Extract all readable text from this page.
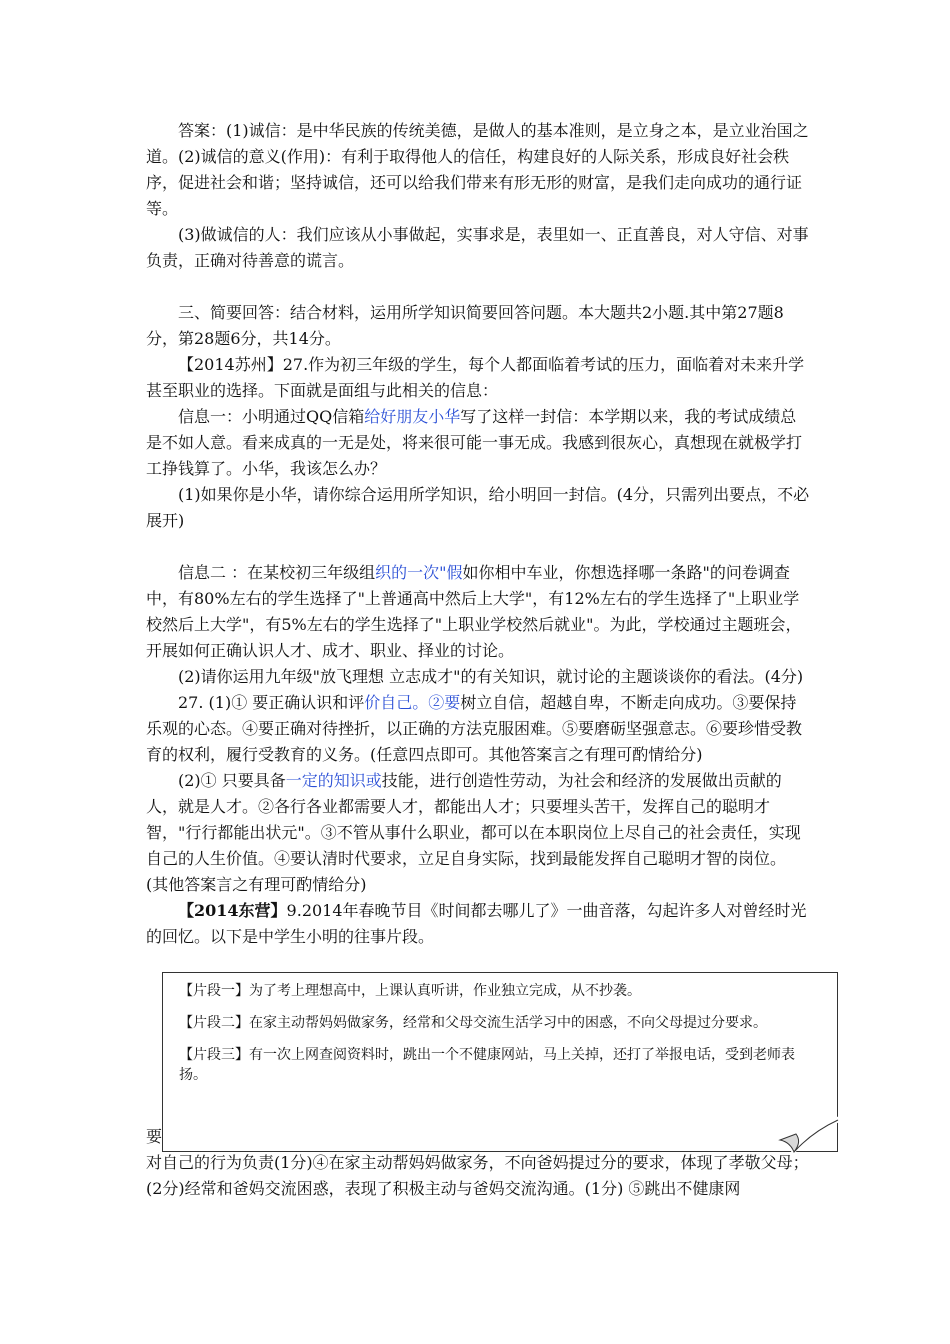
答案：(1)诚信：是中华民族的传统美德，是做人的基本准则，是立身之本，是立业治国之道。(2)诚信的意义(作用)：有利于取得他人的信任，构建良好的人际关系，形成良好社会秩序，促进社会和谐；坚持诚信，还可以给我们带来有形无形的财富，是我们走向成功的通行证等。

(3)做诚信的人：我们应该从小事做起，实事求是，表里如一、正直善良，对人守信、对事负责，正确对待善意的谎言。

三、简要回答：结合材料，运用所学知识简要回答问题。本大题共2小题.其中第27题8分，第28题6分，共14分。

【2014苏州】27.作为初三年级的学生，每个人都面临着考试的压力，面临着对未来升学甚至职业的选择。下面就是面组与此相关的信息：

信息一：小明通过QQ信箱给好朋友小华写了这样一封信：本学期以来，我的考试成绩总是不如人意。看来成真的一无是处，将来很可能一事无成。我感到很灰心，真想现在就极学打工挣钱算了。小华，我该怎么办？

(1)如果你是小华，请你综合运用所学知识，给小明回一封信。(4分，只需列出要点，不必展开)

信息二 ：在某校初三年级组织的一次"假如你相中车业，你想选择哪一条路"的问卷调查中，有80%左右的学生选择了"上普通高中然后上大学"，有12%左右的学生选择了"上职业学校然后上大学"，有5%左右的学生选择了"上职业学校然后就业"。为此，学校通过主题班会，开展如何正确认识人才、成才、职业、择业的讨论。

(2)请你运用九年级"放飞理想 立志成才"的有关知识，就讨论的主题谈谈你的看法。(4分)

27. (1)① 要正确认识和评价自己。②要树立自信，超越自卑，不断走向成功。③要保持乐观的心态。④要正确对待挫折，以正确的方法克服困难。⑤要磨砺坚强意志。⑥要珍惜受教育的权利，履行受教育的义务。(任意四点即可。其他答案言之有理可酌情给分)

(2)① 只要具备一定的知识或技能，进行创造性劳动，为社会和经济的发展做出贡献的人，就是人才。②各行各业都需要人才，都能出人才；只要埋头苦干，发挥自己的聪明才智，"行行都能出状元"。③不管从事什么职业，都可以在本职岗位上尽自己的社会责任，实现自己的人生价值。④要认清时代要求，立足自身实际，找到最能发挥自己聪明才智的岗位。

(其他答案言之有理可酌情给分)

【2014东营】9.2014年春晚节目《时间都去哪儿了》一曲音落，勾起许多人对曾经时光的回忆。以下是中学生小明的往事片段。

要

【片段一】为了考上理想高中，上课认真听讲，作业独立完成，从不抄袭。

【片段二】在家主动帮妈妈做家务，经常和父母交流生活学习中的困惑，不向父母提过分要求。

【片段三】有一次上网查阅资料时，跳出一个不健康网站，马上关掉，还打了举报电话，受到老师表扬。

对自己的行为负责(1分)④在家主动帮妈妈做家务，不向爸妈提过分的要求，体现了孝敬父母；(2分)经常和爸妈交流困惑，表现了积极主动与爸妈交流沟通。(1分) ⑤跳出不健康网
